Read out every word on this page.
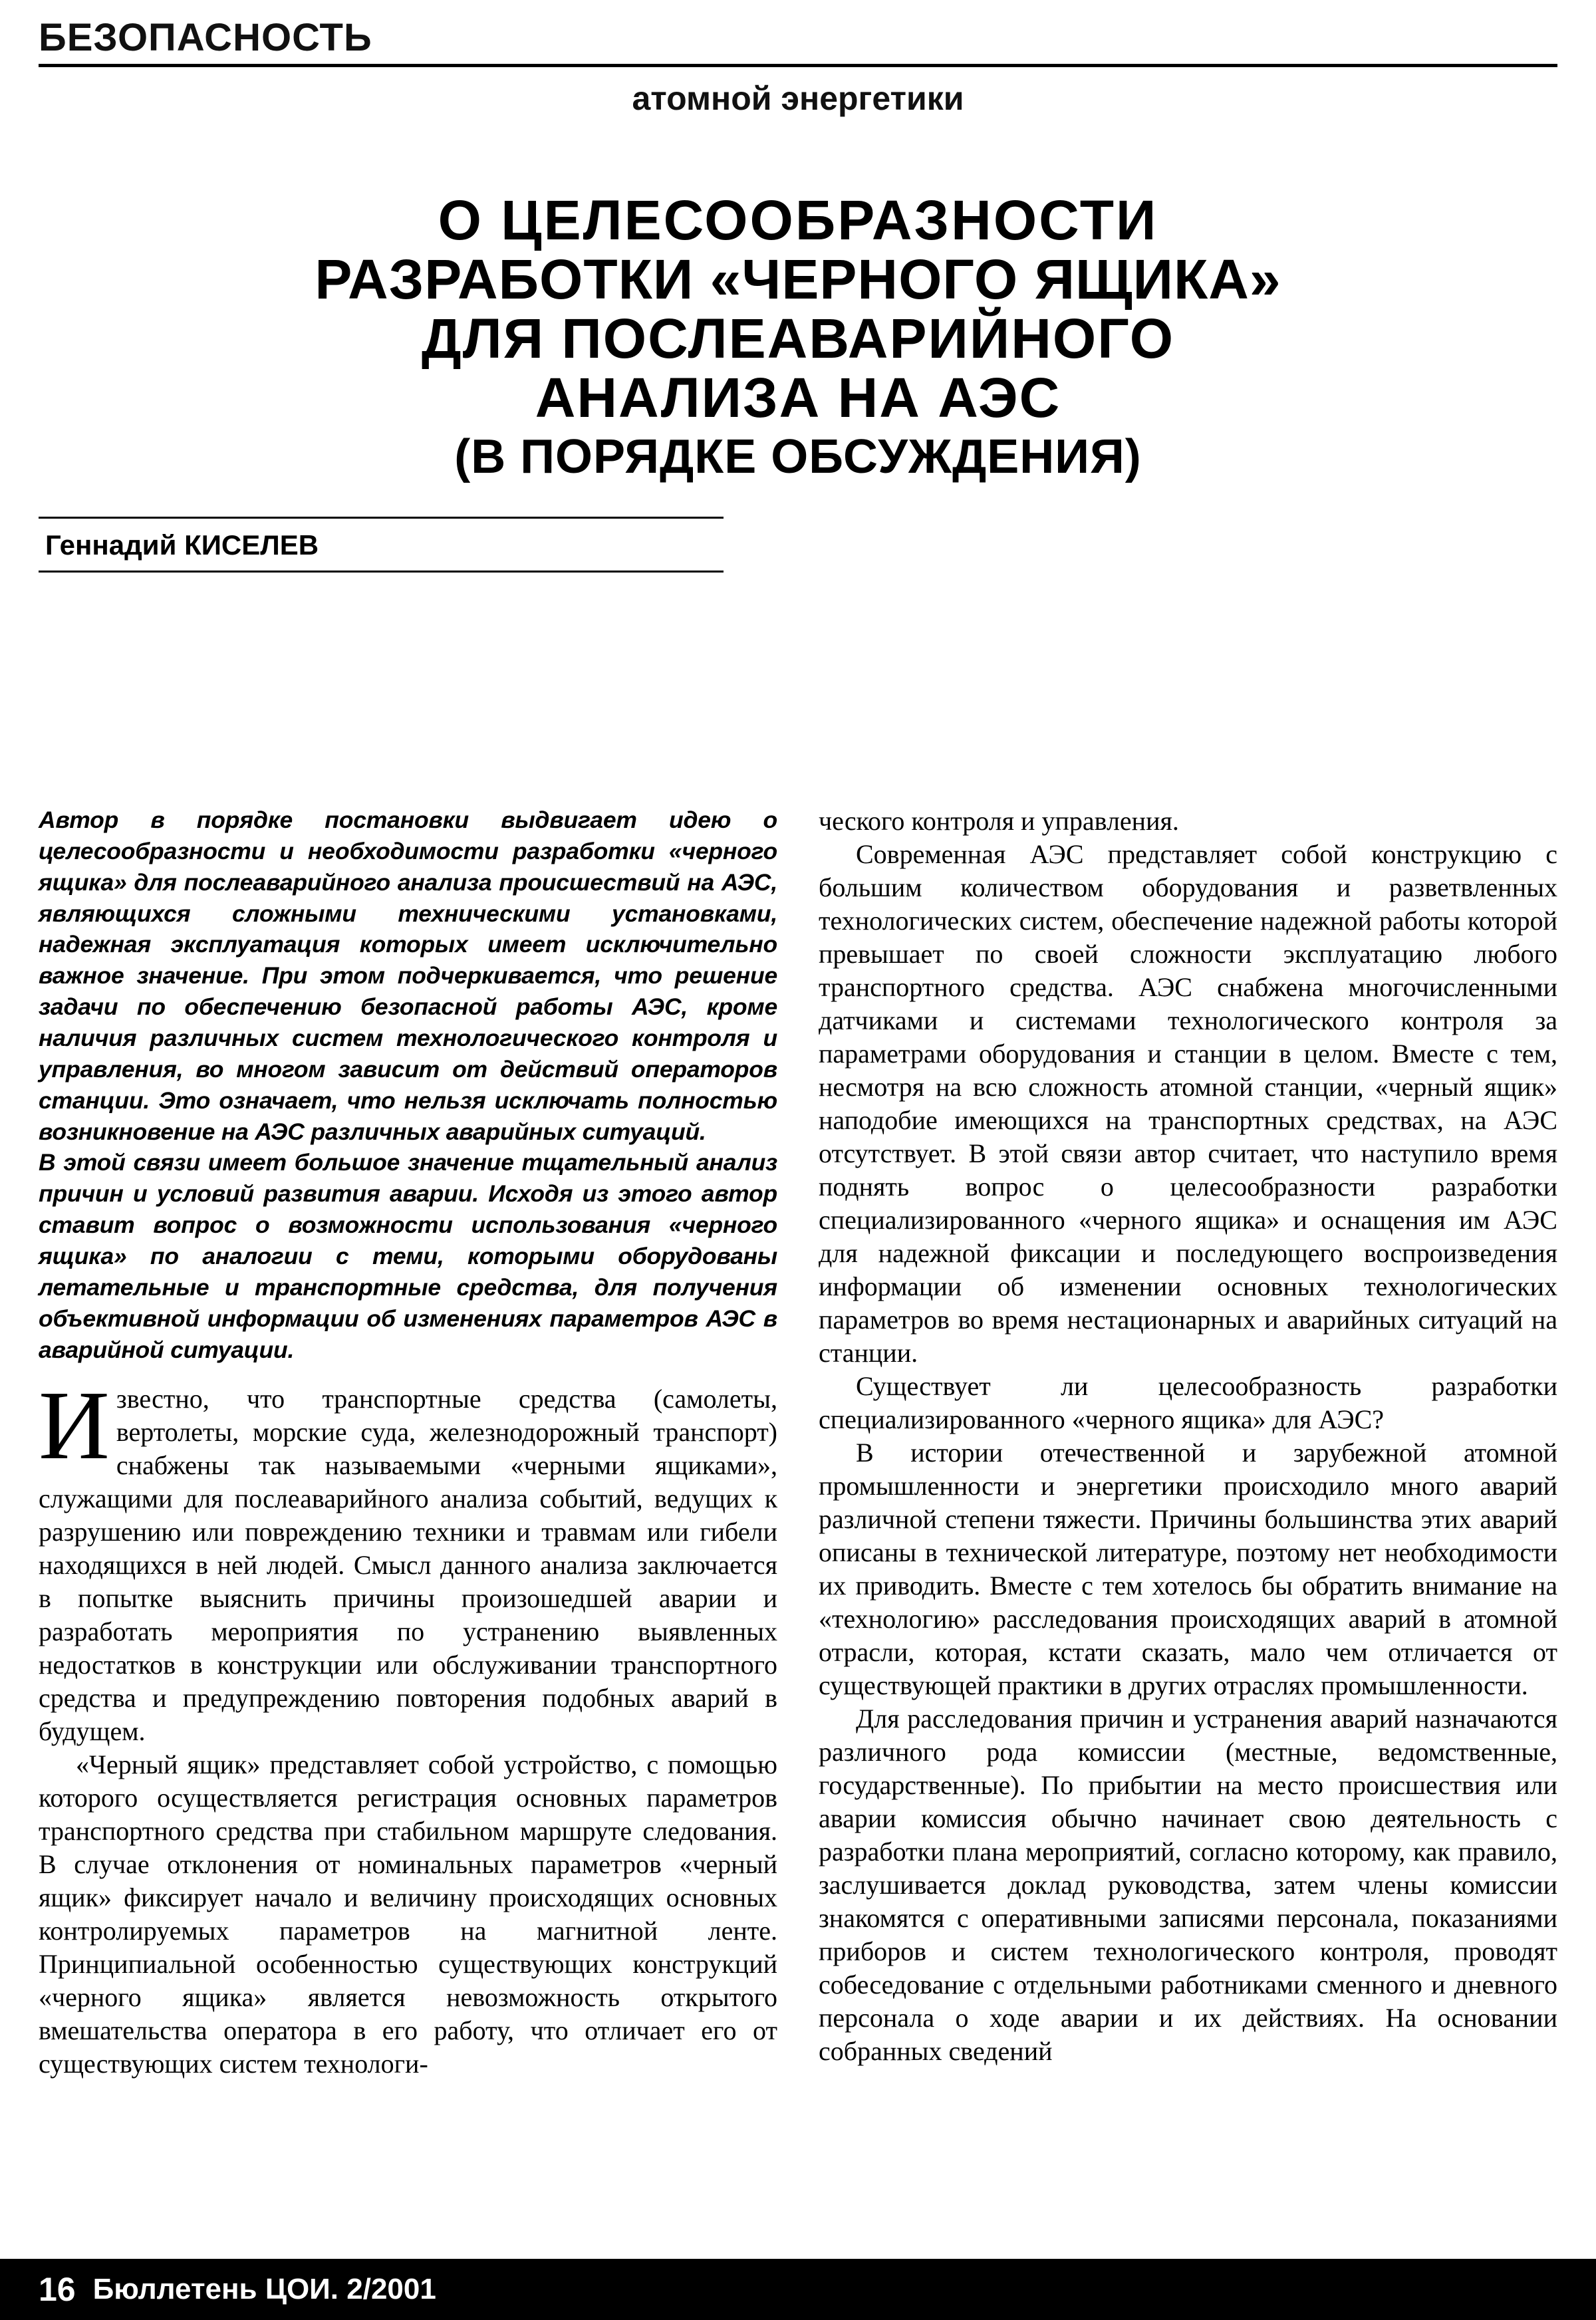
БЕЗОПАСНОСТЬ
атомной энергетики
О ЦЕЛЕСООБРАЗНОСТИ
РАЗРАБОТКИ «ЧЕРНОГО ЯЩИКА»
ДЛЯ ПОСЛЕАВАРИЙНОГО
АНАЛИЗА НА АЭС
(В ПОРЯДКЕ ОБСУЖДЕНИЯ)
Геннадий КИСЕЛЕВ

Автор в порядке постановки выдвигает идею о целесообразности и необходимости разработки «черного ящика» для послеаварийного анализа происшествий на АЭС, являющихся сложными техническими установками, надежная эксплуатация которых имеет исключительно важное значение. При этом подчеркивается, что решение задачи по обеспечению безопасной работы АЭС, кроме наличия различных систем технологического контроля и управления, во многом зависит от действий операторов станции. Это означает, что нельзя исключать полностью возникновение на АЭС различных аварийных ситуаций.

В этой связи имеет большое значение тщательный анализ причин и условий развития аварии. Исходя из этого автор ставит вопрос о возможности использования «черного ящика» по аналогии с теми, которыми оборудованы летательные и транспортные средства, для получения объективной информации об изменениях параметров АЭС в аварийной ситуации.

И звестно, что транспортные средства (самолеты, вертолеты, морские суда, железнодорожный транспорт) снабжены так называемыми «черными ящиками», служащими для послеаварийного анализа событий, ведущих к разрушению или повреждению техники и травмам или гибели находящихся в ней людей. Смысл данного анализа заключается в попытке выяснить причины произошедшей аварии и разработать мероприятия по устранению выявленных недостатков в конструкции или обслуживании транспортного средства и предупреждению повторения подобных аварий в будущем.

«Черный ящик» представляет собой устройство, с помощью которого осуществляется регистрация основных параметров транспортного средства при стабильном маршруте следования. В случае отклонения от номинальных параметров «черный ящик» фиксирует начало и величину происходящих основных контролируемых параметров на магнитной ленте. Принципиальной особенностью существующих конструкций «черного ящика» является невозможность открытого вмешательства оператора в его работу, что отличает его от существующих систем технологи-

ческого контроля и управления.

Современная АЭС представляет собой конструкцию с большим количеством оборудования и разветвленных технологических систем, обеспечение надежной работы которой превышает по своей сложности эксплуатацию любого транспортного средства. АЭС снабжена многочисленными датчиками и системами технологического контроля за параметрами оборудования и станции в целом. Вместе с тем, несмотря на всю сложность атомной станции, «черный ящик» наподобие имеющихся на транспортных средствах, на АЭС отсутствует. В этой связи автор считает, что наступило время поднять вопрос о целесообразности разработки специализированного «черного ящика» и оснащения им АЭС для надежной фиксации и последующего воспроизведения информации об изменении основных технологических параметров во время нестационарных и аварийных ситуаций на станции.

Существует ли целесообразность разработки специализированного «черного ящика» для АЭС?

В истории отечественной и зарубежной атомной промышленности и энергетики происходило много аварий различной степени тяжести. Причины большинства этих аварий описаны в технической литературе, поэтому нет необходимости их приводить. Вместе с тем хотелось бы обратить внимание на «технологию» расследования происходящих аварий в атомной отрасли, которая, кстати сказать, мало чем отличается от существующей практики в других отраслях промышленности.

Для расследования причин и устранения аварий назначаются различного рода комиссии (местные, ведомственные, государственные). По прибытии на место происшествия или аварии комиссия обычно начинает свою деятельность с разработки плана мероприятий, согласно которому, как правило, заслушивается доклад руководства, затем члены комиссии знакомятся с оперативными записями персонала, показаниями приборов и систем технологического контроля, проводят собеседование с отдельными работниками сменного и дневного персонала о ходе аварии и их действиях. На основании собранных сведений

16 Бюллетень ЦОИ. 2/2001
